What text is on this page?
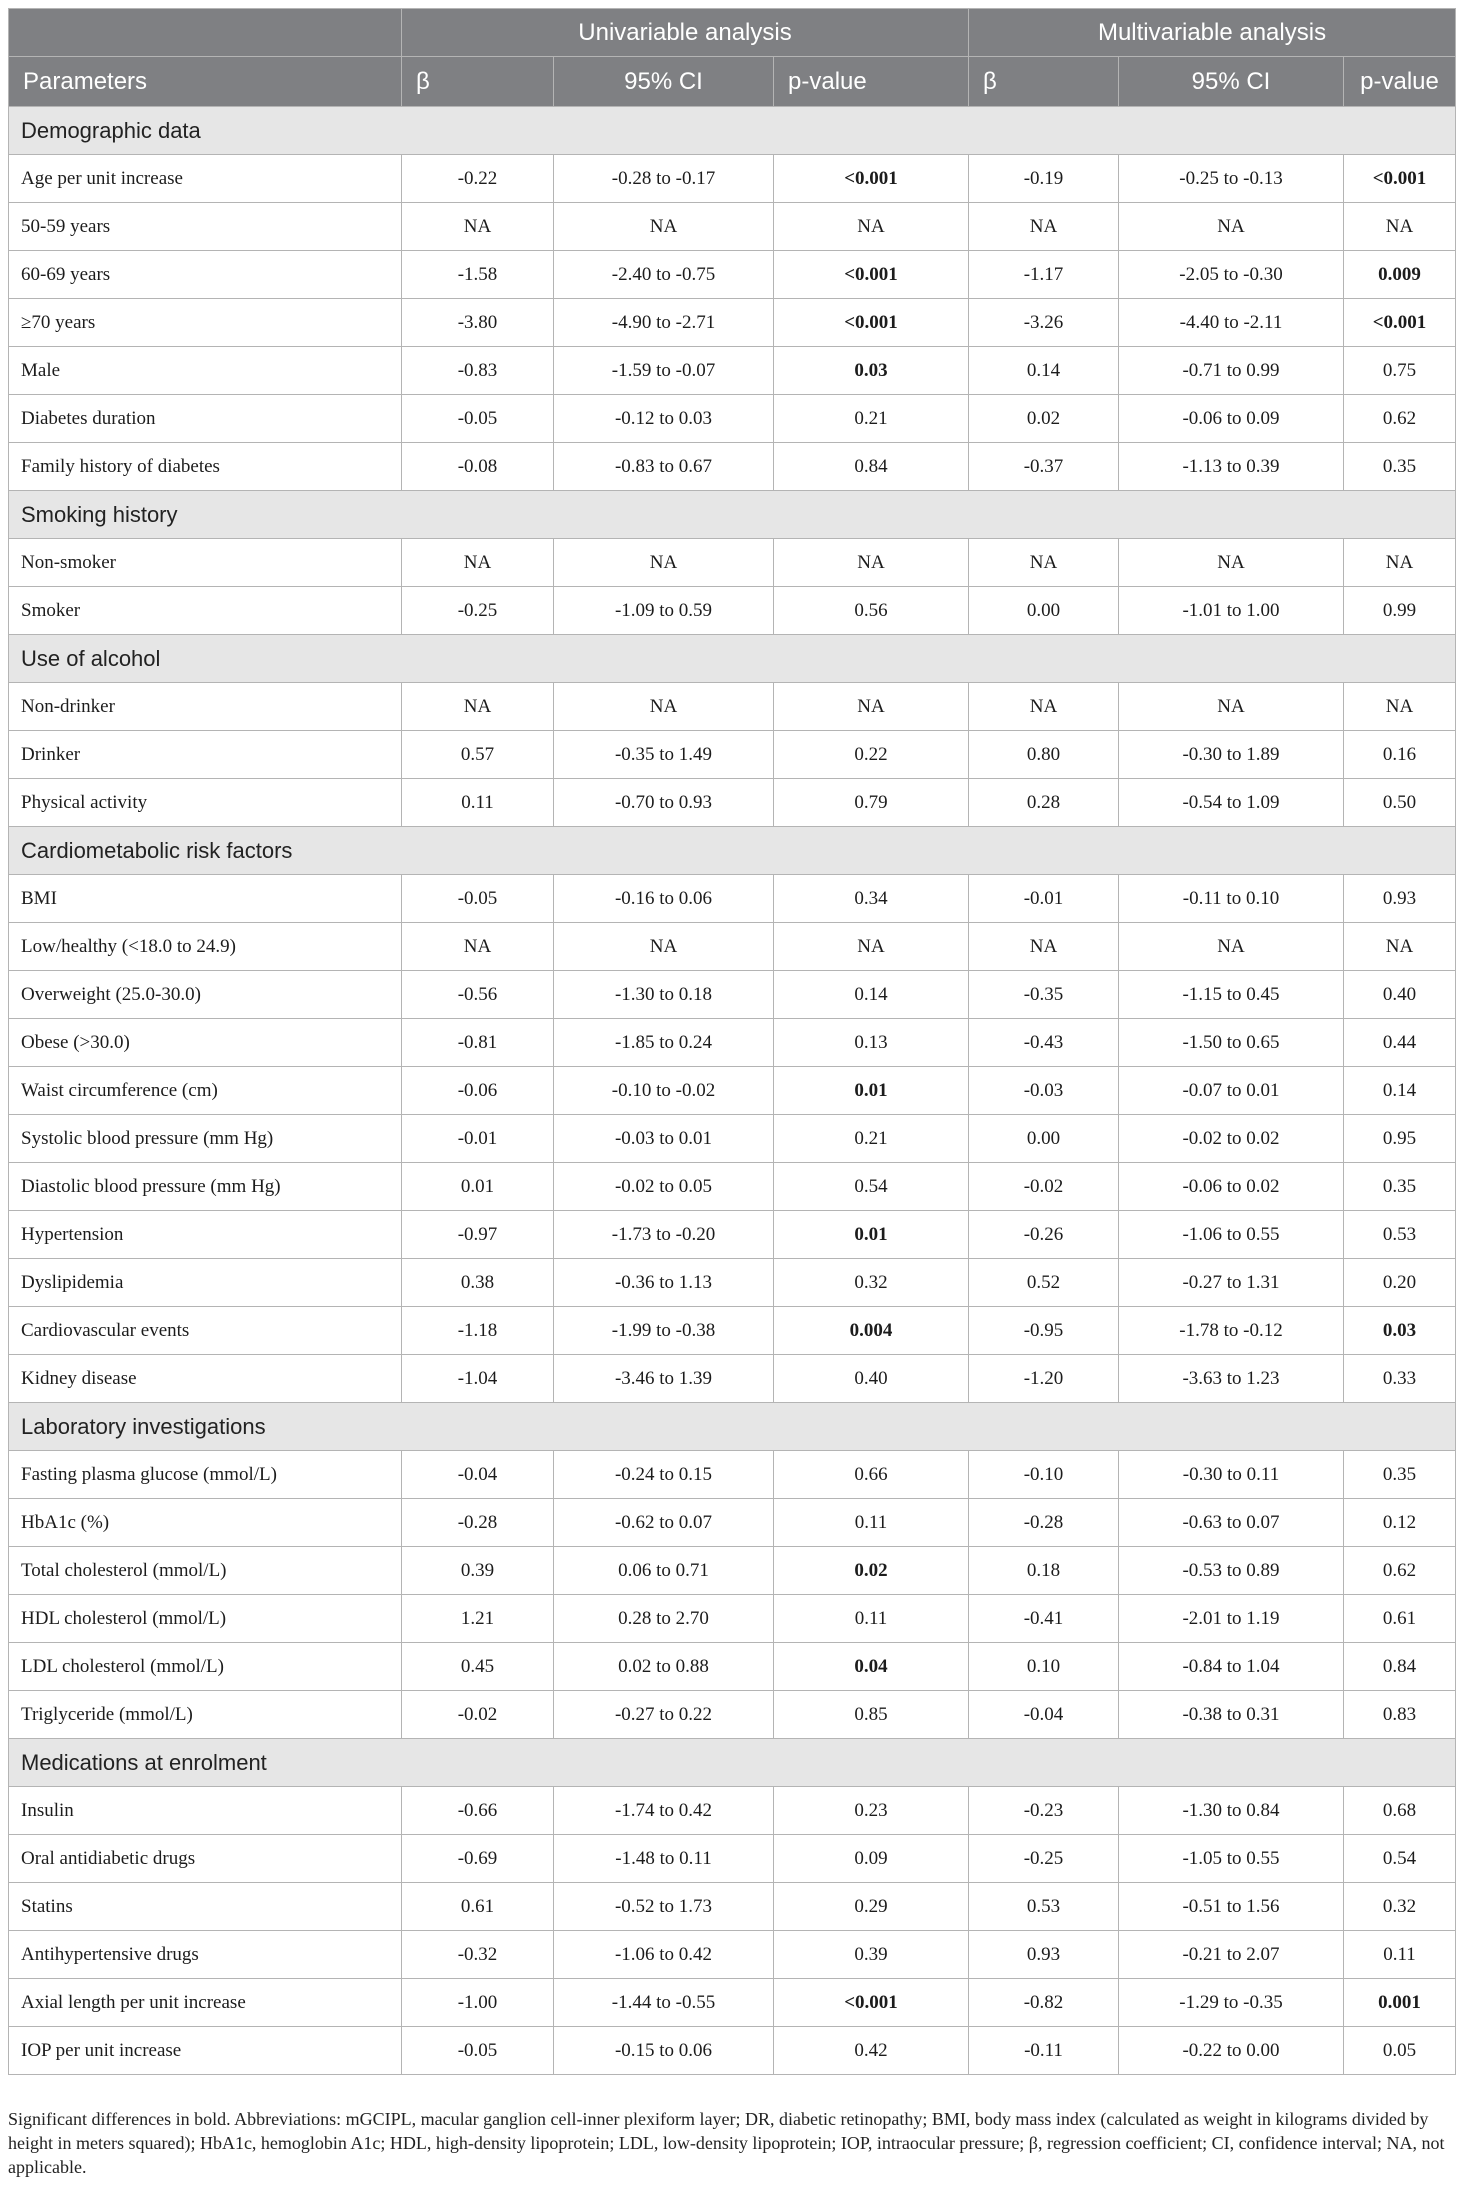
	Univariable analysis			Multivariable analysis		
Parameters	β	95% CI	p-value	β	95% CI	p-value
Demographic data						
Age per unit increase	-0.22	-0.28 to -0.17	<0.001	-0.19	-0.25 to -0.13	<0.001
50-59 years	NA	NA	NA	NA	NA	NA
60-69 years	-1.58	-2.40 to -0.75	<0.001	-1.17	-2.05 to -0.30	0.009
≥70 years	-3.80	-4.90 to -2.71	<0.001	-3.26	-4.40 to -2.11	<0.001
Male	-0.83	-1.59 to -0.07	0.03	0.14	-0.71 to 0.99	0.75
Diabetes duration	-0.05	-0.12 to 0.03	0.21	0.02	-0.06 to 0.09	0.62
Family history of diabetes	-0.08	-0.83 to 0.67	0.84	-0.37	-1.13 to 0.39	0.35
Smoking history						
Non-smoker	NA	NA	NA	NA	NA	NA
Smoker	-0.25	-1.09 to 0.59	0.56	0.00	-1.01 to 1.00	0.99
Use of alcohol						
Non-drinker	NA	NA	NA	NA	NA	NA
Drinker	0.57	-0.35 to 1.49	0.22	0.80	-0.30 to 1.89	0.16
Physical activity	0.11	-0.70 to 0.93	0.79	0.28	-0.54 to 1.09	0.50
Cardiometabolic risk factors						
BMI	-0.05	-0.16 to 0.06	0.34	-0.01	-0.11 to 0.10	0.93
Low/healthy (<18.0 to 24.9)	NA	NA	NA	NA	NA	NA
Overweight (25.0-30.0)	-0.56	-1.30 to 0.18	0.14	-0.35	-1.15 to 0.45	0.40
Obese (>30.0)	-0.81	-1.85 to 0.24	0.13	-0.43	-1.50 to 0.65	0.44
Waist circumference (cm)	-0.06	-0.10 to -0.02	0.01	-0.03	-0.07 to 0.01	0.14
Systolic blood pressure (mm Hg)	-0.01	-0.03 to 0.01	0.21	0.00	-0.02 to 0.02	0.95
Diastolic blood pressure (mm Hg)	0.01	-0.02 to 0.05	0.54	-0.02	-0.06 to 0.02	0.35
Hypertension	-0.97	-1.73 to -0.20	0.01	-0.26	-1.06 to 0.55	0.53
Dyslipidemia	0.38	-0.36 to 1.13	0.32	0.52	-0.27 to 1.31	0.20
Cardiovascular events	-1.18	-1.99 to -0.38	0.004	-0.95	-1.78 to -0.12	0.03
Kidney disease	-1.04	-3.46 to 1.39	0.40	-1.20	-3.63 to 1.23	0.33
Laboratory investigations						
Fasting plasma glucose (mmol/L)	-0.04	-0.24 to 0.15	0.66	-0.10	-0.30 to 0.11	0.35
HbA1c (%)	-0.28	-0.62 to 0.07	0.11	-0.28	-0.63 to 0.07	0.12
Total cholesterol (mmol/L)	0.39	0.06 to 0.71	0.02	0.18	-0.53 to 0.89	0.62
HDL cholesterol (mmol/L)	1.21	0.28 to 2.70	0.11	-0.41	-2.01 to 1.19	0.61
LDL cholesterol (mmol/L)	0.45	0.02 to 0.88	0.04	0.10	-0.84 to 1.04	0.84
Triglyceride (mmol/L)	-0.02	-0.27 to 0.22	0.85	-0.04	-0.38 to 0.31	0.83
Medications at enrolment						
Insulin	-0.66	-1.74 to 0.42	0.23	-0.23	-1.30 to 0.84	0.68
Oral antidiabetic drugs	-0.69	-1.48 to 0.11	0.09	-0.25	-1.05 to 0.55	0.54
Statins	0.61	-0.52 to 1.73	0.29	0.53	-0.51 to 1.56	0.32
Antihypertensive drugs	-0.32	-1.06 to 0.42	0.39	0.93	-0.21 to 2.07	0.11
Axial length per unit increase	-1.00	-1.44 to -0.55	<0.001	-0.82	-1.29 to -0.35	0.001
IOP per unit increase	-0.05	-0.15 to 0.06	0.42	-0.11	-0.22 to 0.00	0.05
Significant differences in bold. Abbreviations: mGCIPL, macular ganglion cell-inner plexiform layer; DR, diabetic retinopathy; BMI, body mass index (calculated as weight in kilograms divided by height in meters squared); HbA1c, hemoglobin A1c; HDL, high-density lipoprotein; LDL, low-density lipoprotein; IOP, intraocular pressure; β, regression coefficient; CI, confidence interval; NA, not applicable.
